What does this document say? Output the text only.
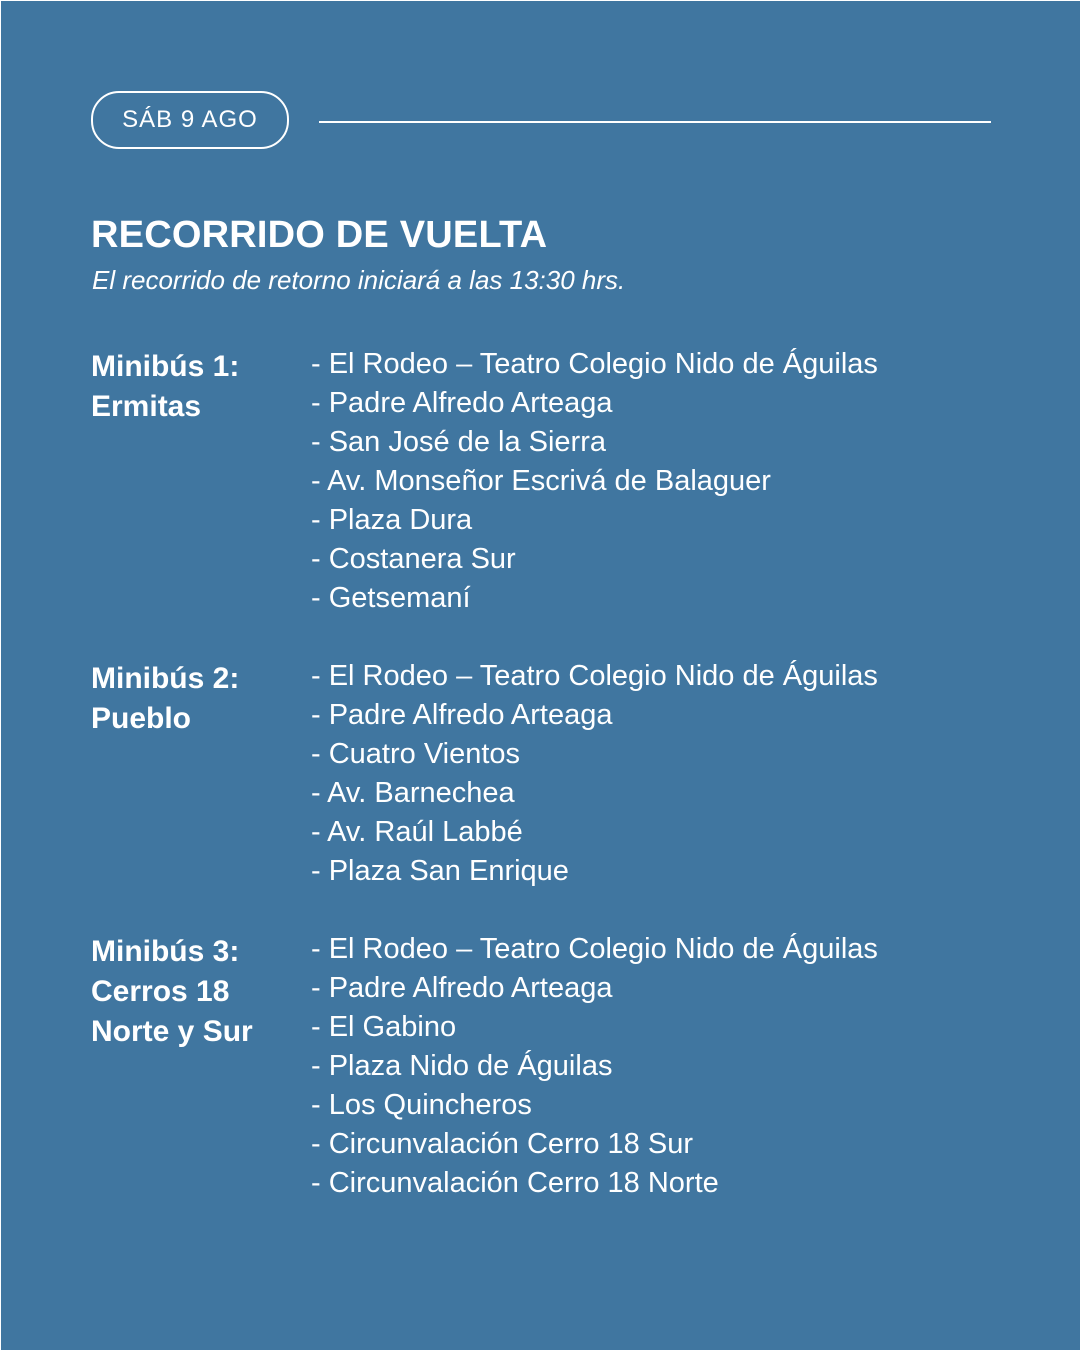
SÁB 9 AGO
RECORRIDO DE VUELTA

El recorrido de retorno iniciará a las 13:30 hrs.

Minibús 1:
Ermitas
- El Rodeo – Teatro Colegio Nido de Águilas
- Padre Alfredo Arteaga
- San José de la Sierra
- Av. Monseñor Escrivá de Balaguer
- Plaza Dura
- Costanera Sur
- Getsemaní
Minibús 2:
Pueblo
- El Rodeo – Teatro Colegio Nido de Águilas
- Padre Alfredo Arteaga
- Cuatro Vientos
- Av. Barnechea
- Av. Raúl Labbé
- Plaza San Enrique
Minibús 3:
Cerros 18
Norte y Sur
- El Rodeo – Teatro Colegio Nido de Águilas
- Padre Alfredo Arteaga
- El Gabino
- Plaza Nido de Águilas
- Los Quincheros
- Circunvalación Cerro 18 Sur
- Circunvalación Cerro 18 Norte
